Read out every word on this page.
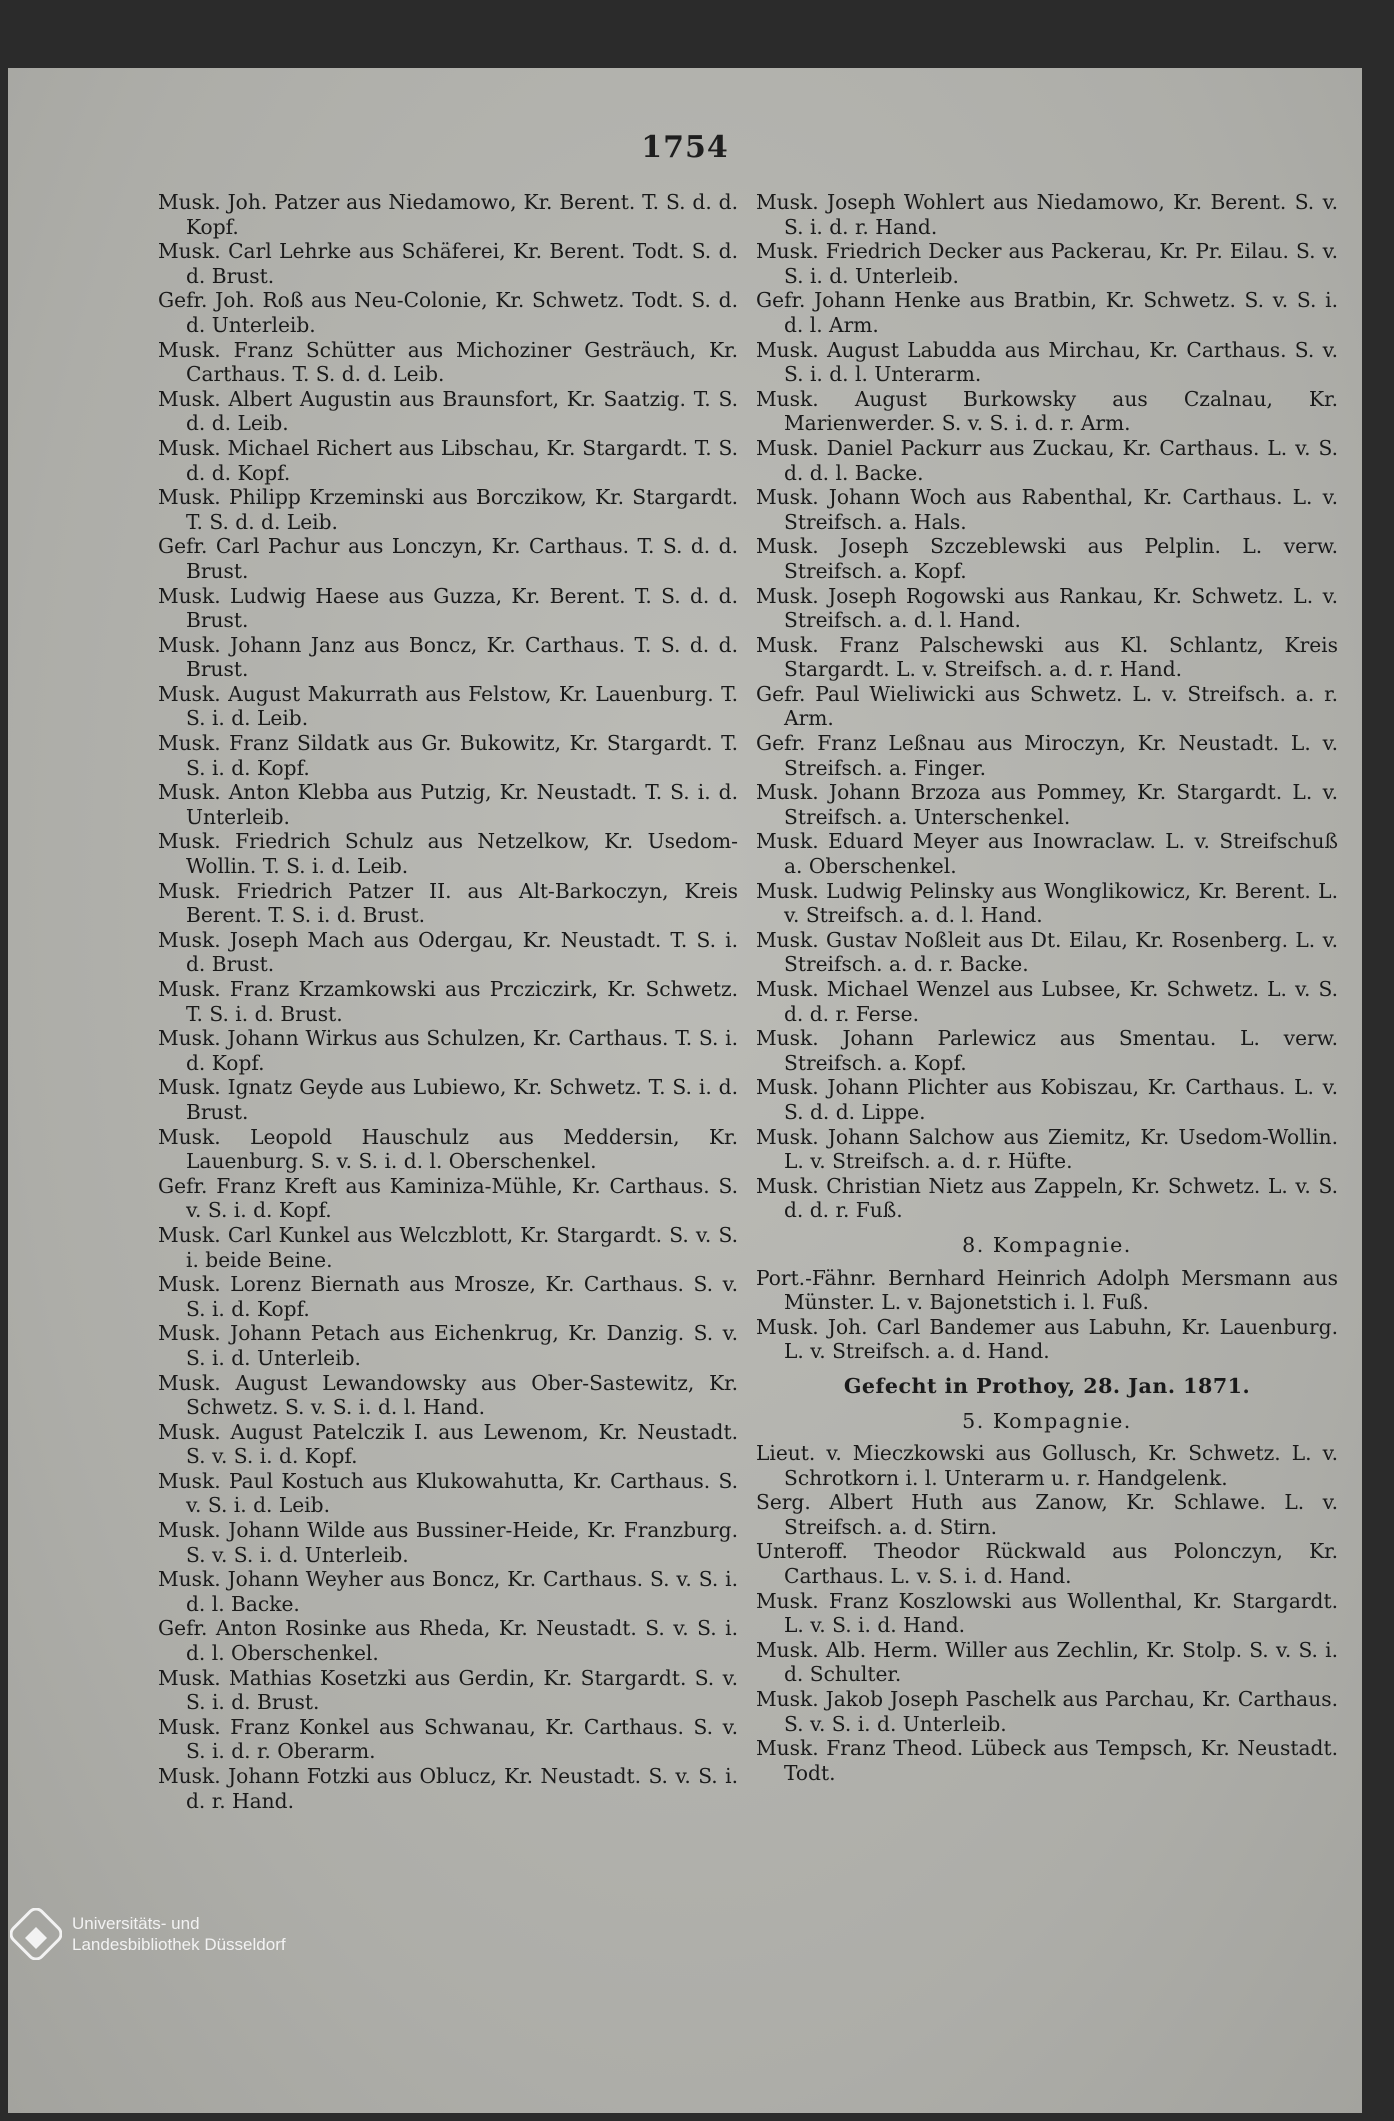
1754

Musk. Joh. Patzer aus Niedamowo, Kr. Berent. T. S. d. d. Kopf.

Musk. Carl Lehrke aus Schäferei, Kr. Berent. Todt. S. d. d. Brust.

Gefr. Joh. Roß aus Neu-Colonie, Kr. Schwetz. Todt. S. d. d. Unterleib.

Musk. Franz Schütter aus Michoziner Gesträuch, Kr. Carthaus. T. S. d. d. Leib.

Musk. Albert Augustin aus Braunsfort, Kr. Saatzig. T. S. d. d. Leib.

Musk. Michael Richert aus Libschau, Kr. Stargardt. T. S. d. d. Kopf.

Musk. Philipp Krzeminski aus Borczikow, Kr. Stargardt. T. S. d. d. Leib.

Gefr. Carl Pachur aus Lonczyn, Kr. Carthaus. T. S. d. d. Brust.

Musk. Ludwig Haese aus Guzza, Kr. Berent. T. S. d. d. Brust.

Musk. Johann Janz aus Boncz, Kr. Carthaus. T. S. d. d. Brust.

Musk. August Makurrath aus Felstow, Kr. Lauenburg. T. S. i. d. Leib.

Musk. Franz Sildatk aus Gr. Bukowitz, Kr. Stargardt. T. S. i. d. Kopf.

Musk. Anton Klebba aus Putzig, Kr. Neustadt. T. S. i. d. Unterleib.

Musk. Friedrich Schulz aus Netzelkow, Kr. Usedom-Wollin. T. S. i. d. Leib.

Musk. Friedrich Patzer II. aus Alt-Barkoczyn, Kreis Berent. T. S. i. d. Brust.

Musk. Joseph Mach aus Odergau, Kr. Neustadt. T. S. i. d. Brust.

Musk. Franz Krzamkowski aus Prcziczirk, Kr. Schwetz. T. S. i. d. Brust.

Musk. Johann Wirkus aus Schulzen, Kr. Carthaus. T. S. i. d. Kopf.

Musk. Ignatz Geyde aus Lubiewo, Kr. Schwetz. T. S. i. d. Brust.

Musk. Leopold Hauschulz aus Meddersin, Kr. Lauenburg. S. v. S. i. d. l. Oberschenkel.

Gefr. Franz Kreft aus Kaminiza-Mühle, Kr. Carthaus. S. v. S. i. d. Kopf.

Musk. Carl Kunkel aus Welczblott, Kr. Stargardt. S. v. S. i. beide Beine.

Musk. Lorenz Biernath aus Mrosze, Kr. Carthaus. S. v. S. i. d. Kopf.

Musk. Johann Petach aus Eichenkrug, Kr. Danzig. S. v. S. i. d. Unterleib.

Musk. August Lewandowsky aus Ober-Sastewitz, Kr. Schwetz. S. v. S. i. d. l. Hand.

Musk. August Patelczik I. aus Lewenom, Kr. Neustadt. S. v. S. i. d. Kopf.

Musk. Paul Kostuch aus Klukowahutta, Kr. Carthaus. S. v. S. i. d. Leib.

Musk. Johann Wilde aus Bussiner-Heide, Kr. Franzburg. S. v. S. i. d. Unterleib.

Musk. Johann Weyher aus Boncz, Kr. Carthaus. S. v. S. i. d. l. Backe.

Gefr. Anton Rosinke aus Rheda, Kr. Neustadt. S. v. S. i. d. l. Oberschenkel.

Musk. Mathias Kosetzki aus Gerdin, Kr. Stargardt. S. v. S. i. d. Brust.

Musk. Franz Konkel aus Schwanau, Kr. Carthaus. S. v. S. i. d. r. Oberarm.

Musk. Johann Fotzki aus Oblucz, Kr. Neustadt. S. v. S. i. d. r. Hand.

Musk. Joseph Wohlert aus Niedamowo, Kr. Berent. S. v. S. i. d. r. Hand.

Musk. Friedrich Decker aus Packerau, Kr. Pr. Eilau. S. v. S. i. d. Unterleib.

Gefr. Johann Henke aus Bratbin, Kr. Schwetz. S. v. S. i. d. l. Arm.

Musk. August Labudda aus Mirchau, Kr. Carthaus. S. v. S. i. d. l. Unterarm.

Musk. August Burkowsky aus Czalnau, Kr. Marienwerder. S. v. S. i. d. r. Arm.

Musk. Daniel Packurr aus Zuckau, Kr. Carthaus. L. v. S. d. d. l. Backe.

Musk. Johann Woch aus Rabenthal, Kr. Carthaus. L. v. Streifsch. a. Hals.

Musk. Joseph Szczeblewski aus Pelplin. L. verw. Streifsch. a. Kopf.

Musk. Joseph Rogowski aus Rankau, Kr. Schwetz. L. v. Streifsch. a. d. l. Hand.

Musk. Franz Palschewski aus Kl. Schlantz, Kreis Stargardt. L. v. Streifsch. a. d. r. Hand.

Gefr. Paul Wieliwicki aus Schwetz. L. v. Streifsch. a. r. Arm.

Gefr. Franz Leßnau aus Miroczyn, Kr. Neustadt. L. v. Streifsch. a. Finger.

Musk. Johann Brzoza aus Pommey, Kr. Stargardt. L. v. Streifsch. a. Unterschenkel.

Musk. Eduard Meyer aus Inowraclaw. L. v. Streifschuß a. Oberschenkel.

Musk. Ludwig Pelinsky aus Wonglikowicz, Kr. Berent. L. v. Streifsch. a. d. l. Hand.

Musk. Gustav Noßleit aus Dt. Eilau, Kr. Rosenberg. L. v. Streifsch. a. d. r. Backe.

Musk. Michael Wenzel aus Lubsee, Kr. Schwetz. L. v. S. d. d. r. Ferse.

Musk. Johann Parlewicz aus Smentau. L. verw. Streifsch. a. Kopf.

Musk. Johann Plichter aus Kobiszau, Kr. Carthaus. L. v. S. d. d. Lippe.

Musk. Johann Salchow aus Ziemitz, Kr. Usedom-Wollin. L. v. Streifsch. a. d. r. Hüfte.

Musk. Christian Nietz aus Zappeln, Kr. Schwetz. L. v. S. d. d. r. Fuß.

8. Kompagnie.

Port.-Fähnr. Bernhard Heinrich Adolph Mersmann aus Münster. L. v. Bajonetstich i. l. Fuß.

Musk. Joh. Carl Bandemer aus Labuhn, Kr. Lauenburg. L. v. Streifsch. a. d. Hand.

Gefecht in Prothoy, 28. Jan. 1871.
5. Kompagnie.

Lieut. v. Mieczkowski aus Gollusch, Kr. Schwetz. L. v. Schrotkorn i. l. Unterarm u. r. Handgelenk.

Serg. Albert Huth aus Zanow, Kr. Schlawe. L. v. Streifsch. a. d. Stirn.

Unteroff. Theodor Rückwald aus Polonczyn, Kr. Carthaus. L. v. S. i. d. Hand.

Musk. Franz Koszlowski aus Wollenthal, Kr. Stargardt. L. v. S. i. d. Hand.

Musk. Alb. Herm. Willer aus Zechlin, Kr. Stolp. S. v. S. i. d. Schulter.

Musk. Jakob Joseph Paschelk aus Parchau, Kr. Carthaus. S. v. S. i. d. Unterleib.

Musk. Franz Theod. Lübeck aus Tempsch, Kr. Neustadt. Todt.

Universitäts- und
Landesbibliothek Düsseldorf
